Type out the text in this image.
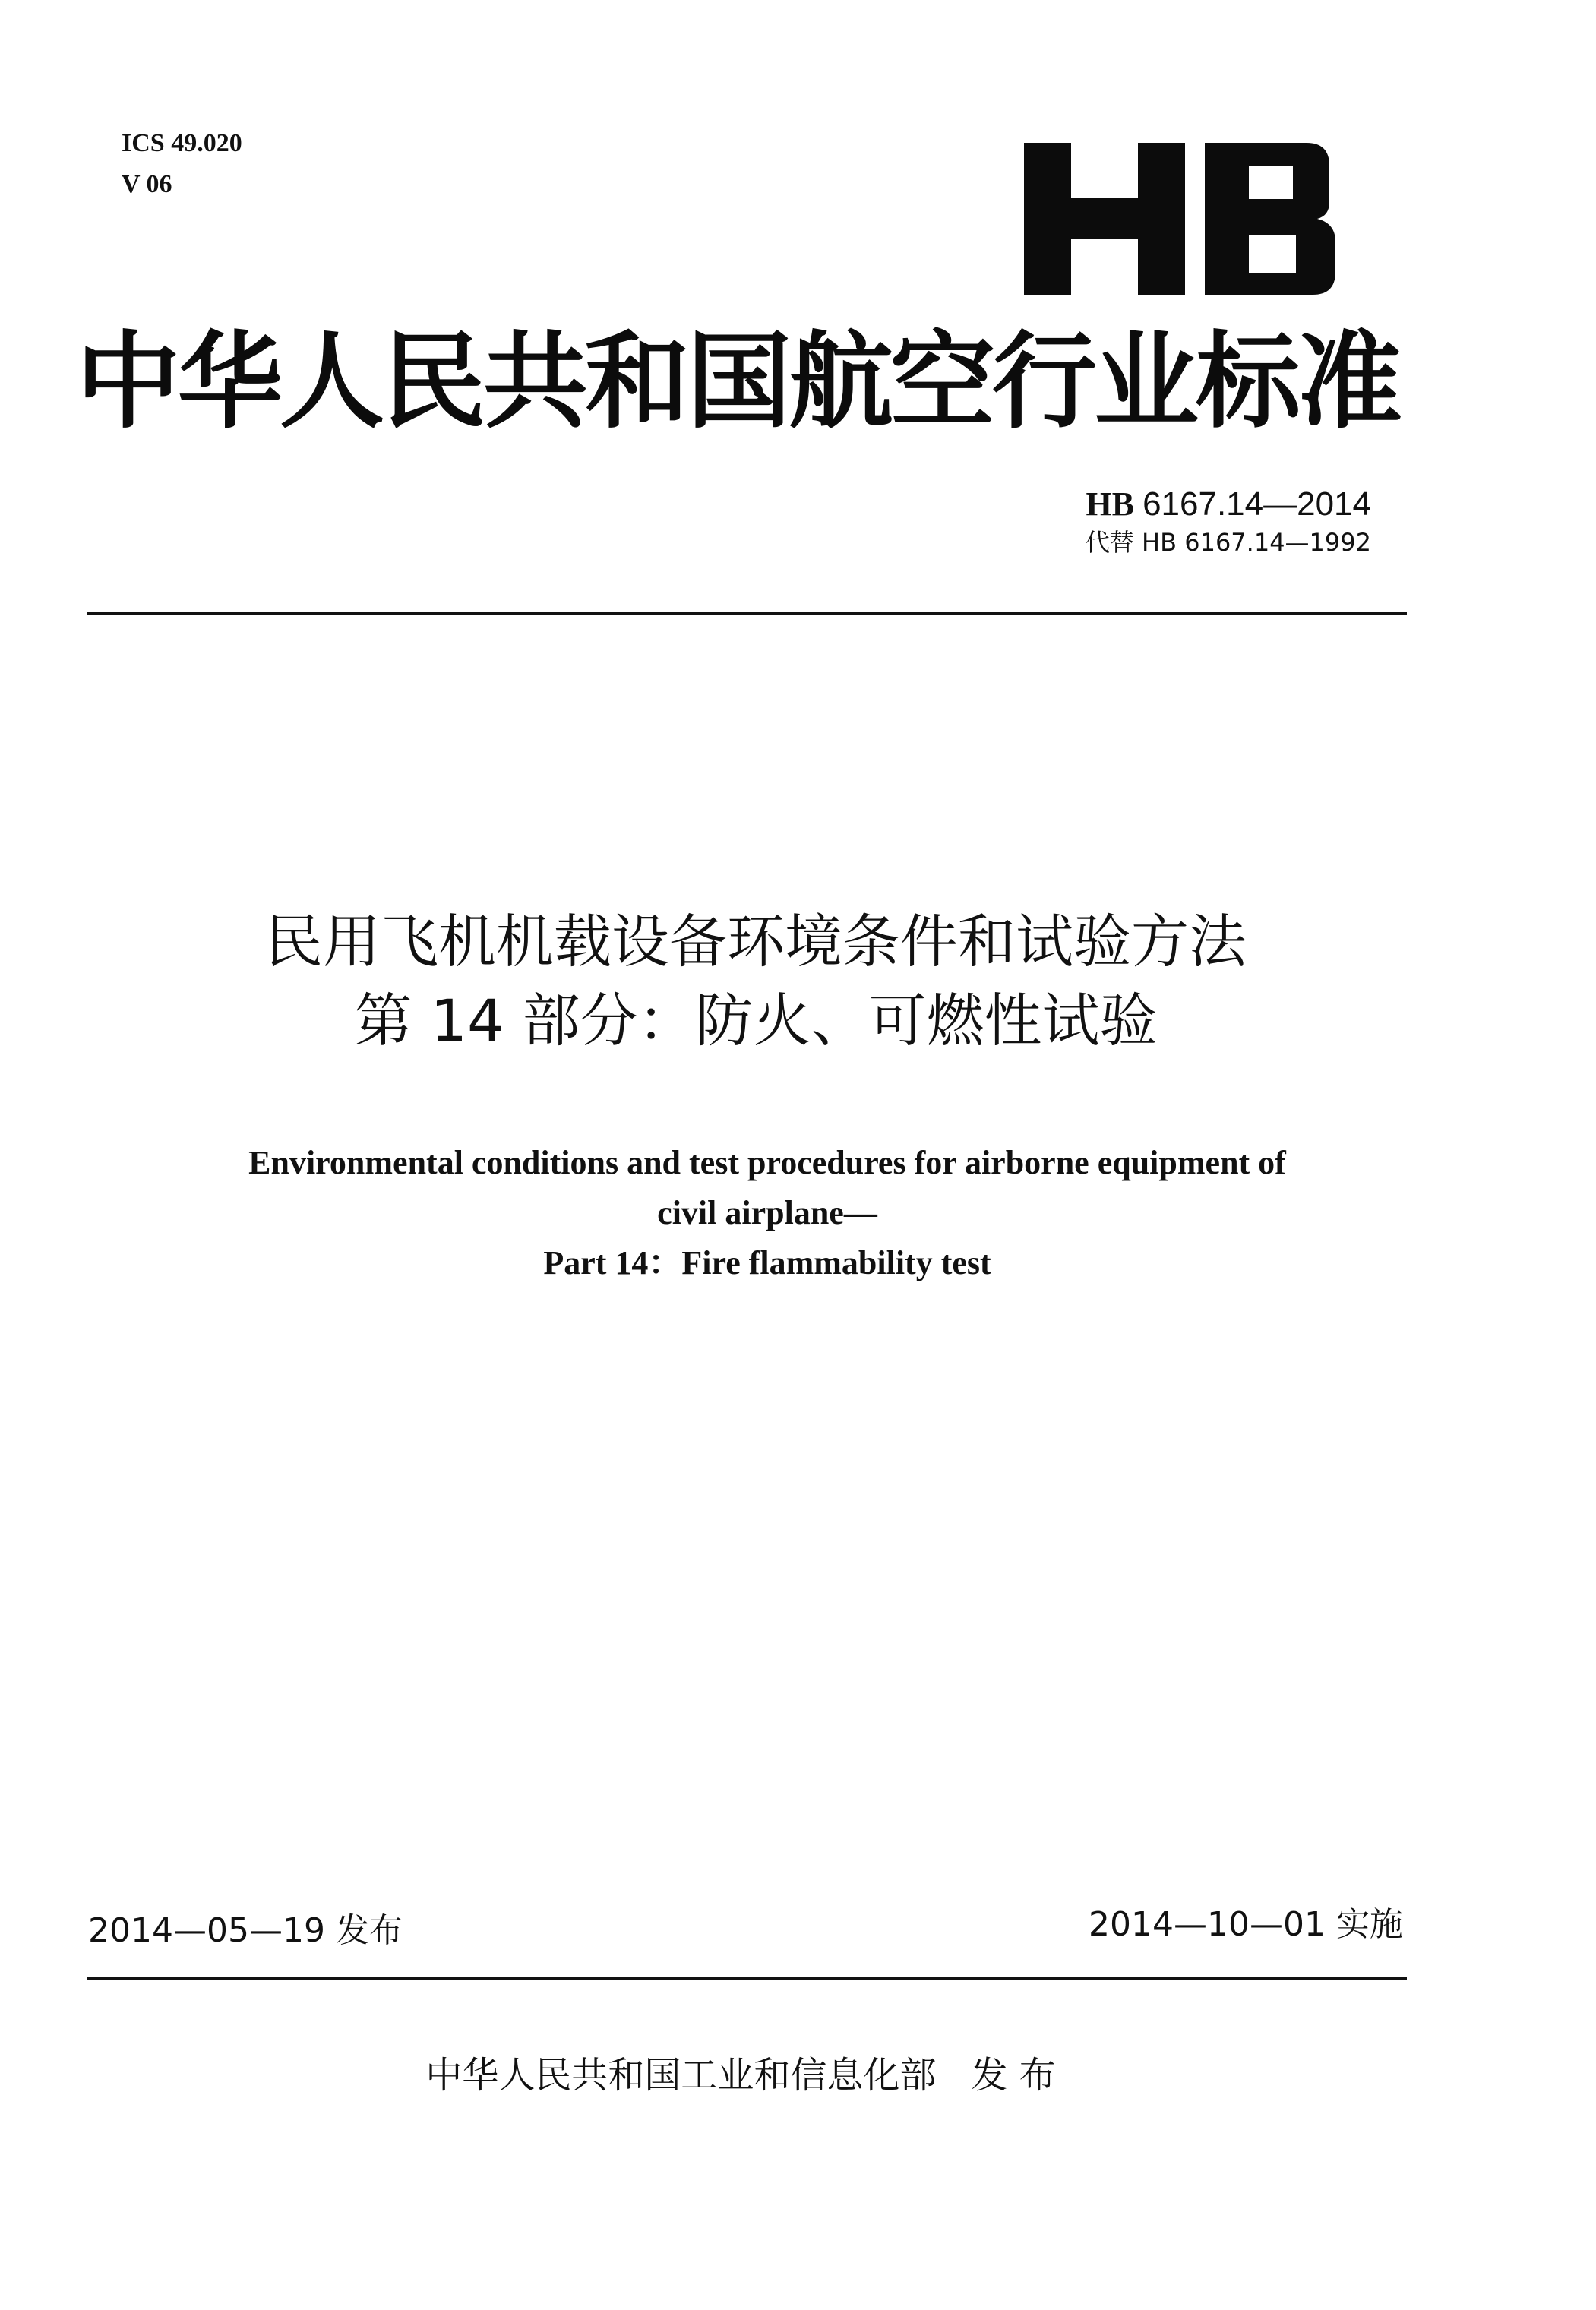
ICS 49.020
V 06
中华人民共和国航空行业标准
HB 6167.14—2014
代替 HB 6167.14—1992
民用飞机机载设备环境条件和试验方法
第 14 部分：防火、可燃性试验
Environmental conditions and test procedures for airborne equipment of
civil airplane—
Part 14：Fire flammability test
2014—05—19 发布	2014—10—01 实施
中华人民共和国工业和信息化部 发 布
